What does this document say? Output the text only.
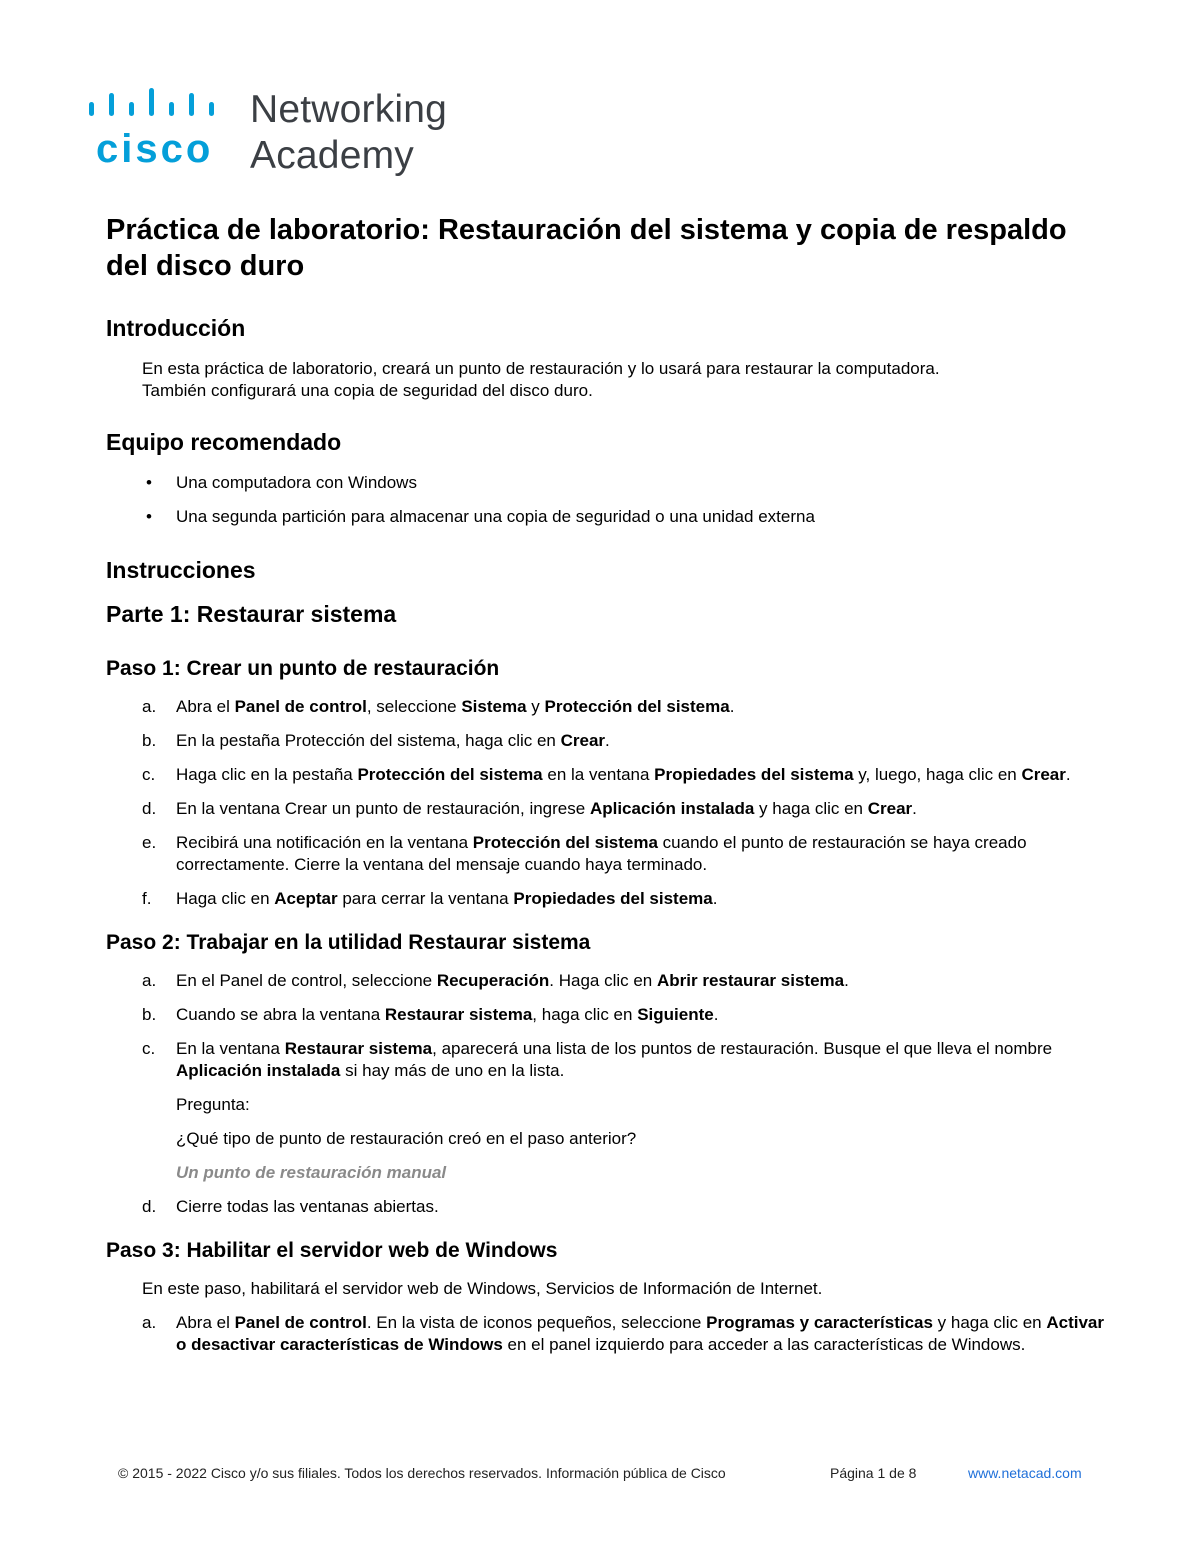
cisco
Networking
Academy
Práctica de laboratorio: Restauración del sistema y copia de respaldo del disco duro
Introducción
En esta práctica de laboratorio, creará un punto de restauración y lo usará para restaurar la computadora.
También configurará una copia de seguridad del disco duro.
Equipo recomendado
• Una computadora con Windows
• Una segunda partición para almacenar una copia de seguridad o una unidad externa
Instrucciones
Parte 1: Restaurar sistema
Paso 1: Crear un punto de restauración
a. Abra el Panel de control, seleccione Sistema y Protección del sistema.
b. En la pestaña Protección del sistema, haga clic en Crear.
c. Haga clic en la pestaña Protección del sistema en la ventana Propiedades del sistema y, luego, haga clic en Crear.
d. En la ventana Crear un punto de restauración, ingrese Aplicación instalada y haga clic en Crear.
e. Recibirá una notificación en la ventana Protección del sistema cuando el punto de restauración se haya creado correctamente. Cierre la ventana del mensaje cuando haya terminado.
f. Haga clic en Aceptar para cerrar la ventana Propiedades del sistema.
Paso 2: Trabajar en la utilidad Restaurar sistema
a. En el Panel de control, seleccione Recuperación. Haga clic en Abrir restaurar sistema.
b. Cuando se abra la ventana Restaurar sistema, haga clic en Siguiente.
c. En la ventana Restaurar sistema, aparecerá una lista de los puntos de restauración. Busque el que lleva el nombre Aplicación instalada si hay más de uno en la lista.

Pregunta:

¿Qué tipo de punto de restauración creó en el paso anterior?

Un punto de restauración manual

d. Cierre todas las ventanas abiertas.
Paso 3: Habilitar el servidor web de Windows
En este paso, habilitará el servidor web de Windows, Servicios de Información de Internet.
a. Abra el Panel de control. En la vista de iconos pequeños, seleccione Programas y características y haga clic en Activar o desactivar características de Windows en el panel izquierdo para acceder a las características de Windows.
© 2015 - 2022 Cisco y/o sus filiales. Todos los derechos reservados. Información pública de Cisco	Página 1 de 8	www.netacad.com
